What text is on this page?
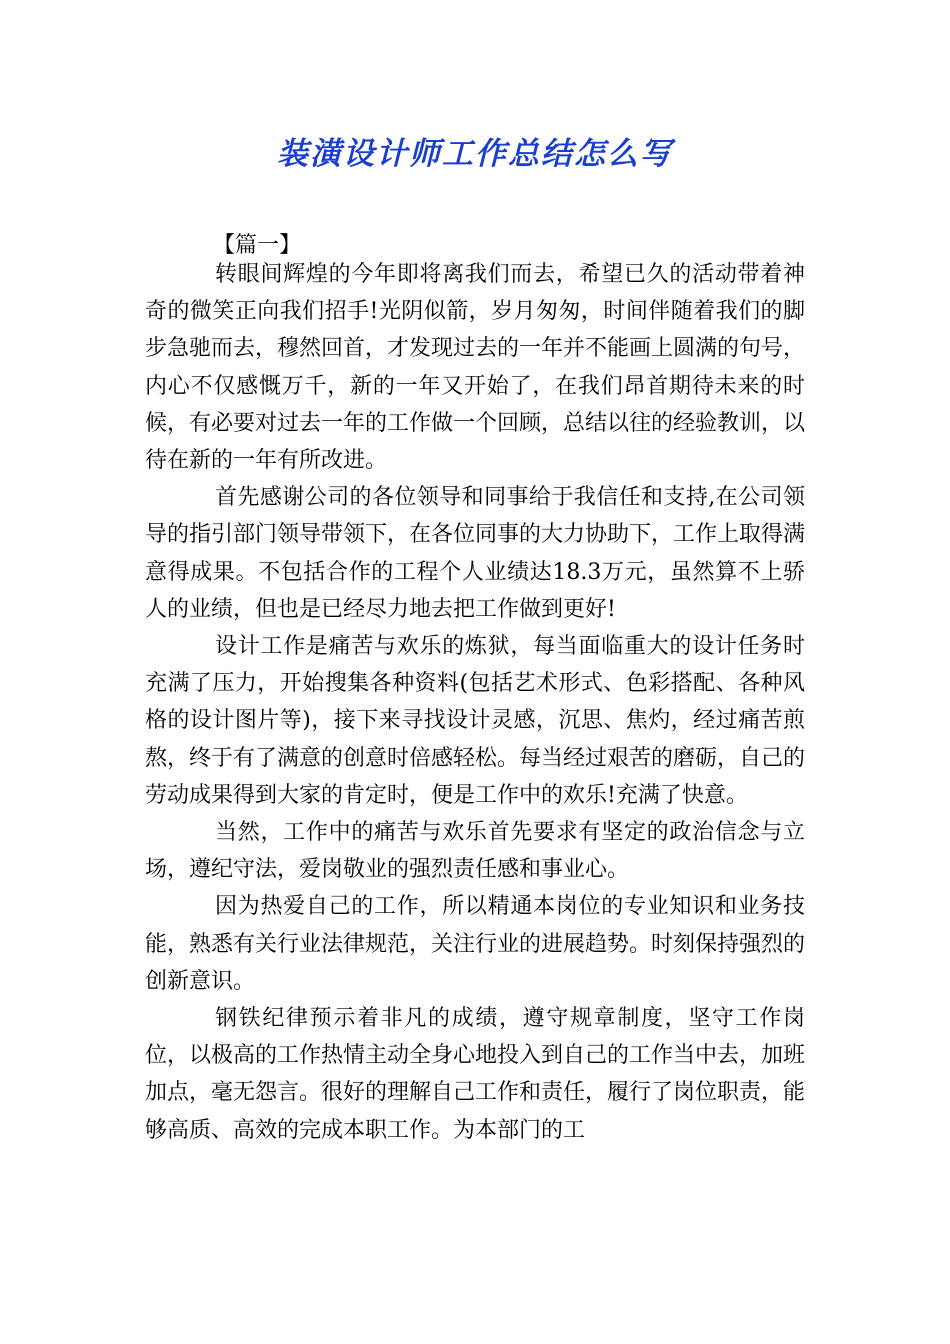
装潢设计师工作总结怎么写
【篇一】

转眼间辉煌的今年即将离我们而去，希望已久的活动带着神奇的微笑正向我们招手!光阴似箭，岁月匆匆，时间伴随着我们的脚步急驰而去，穆然回首，才发现过去的一年并不能画上圆满的句号，内心不仅感慨万千，新的一年又开始了，在我们昂首期待未来的时候，有必要对过去一年的工作做一个回顾，总结以往的经验教训，以待在新的一年有所改进。

首先感谢公司的各位领导和同事给于我信任和支持,在公司领导的指引部门领导带领下，在各位同事的大力协助下，工作上取得满意得成果。不包括合作的工程个人业绩达18.3万元，虽然算不上骄人的业绩，但也是已经尽力地去把工作做到更好!

设计工作是痛苦与欢乐的炼狱，每当面临重大的设计任务时充满了压力，开始搜集各种资料(包括艺术形式、色彩搭配、各种风格的设计图片等)，接下来寻找设计灵感，沉思、焦灼，经过痛苦煎熬，终于有了满意的创意时倍感轻松。每当经过艰苦的磨砺，自己的劳动成果得到大家的肯定时，便是工作中的欢乐!充满了快意。

当然，工作中的痛苦与欢乐首先要求有坚定的政治信念与立场，遵纪守法，爱岗敬业的强烈责任感和事业心。

因为热爱自己的工作，所以精通本岗位的专业知识和业务技能，熟悉有关行业法律规范，关注行业的进展趋势。时刻保持强烈的创新意识。

钢铁纪律预示着非凡的成绩，遵守规章制度，坚守工作岗位，以极高的工作热情主动全身心地投入到自己的工作当中去，加班加点，毫无怨言。很好的理解自己工作和责任，履行了岗位职责，能够高质、高效的完成本职工作。为本部门的工
